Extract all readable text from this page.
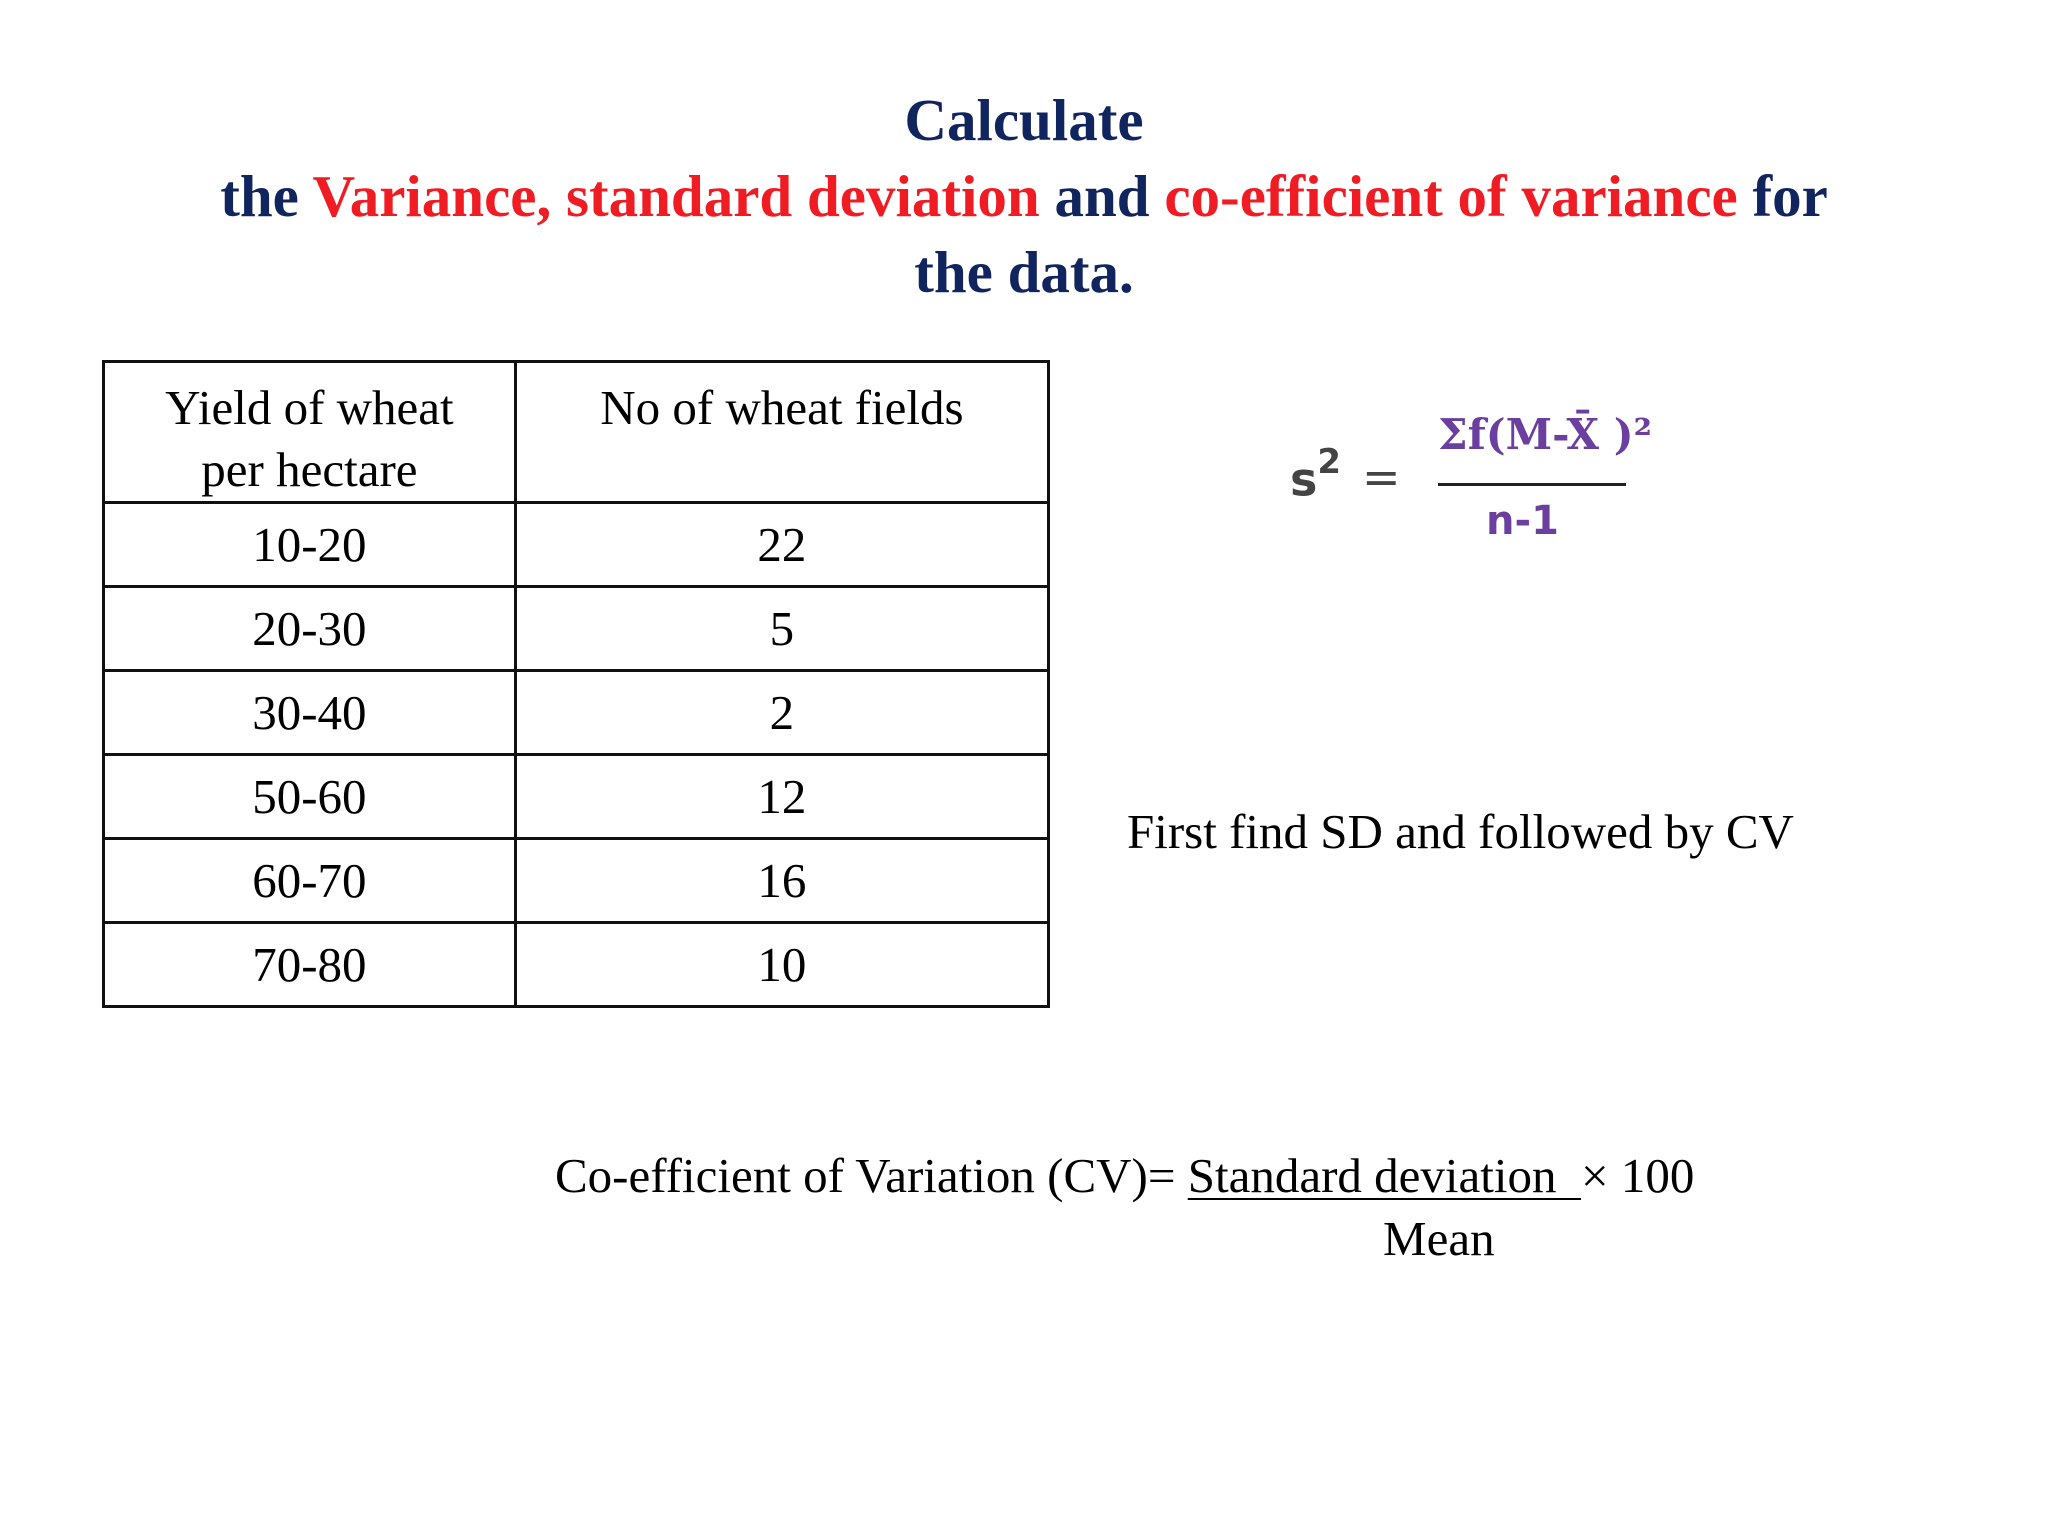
Calculate
the Variance, standard deviation and co-efficient of variance for
the data.
Yield of wheat
per hectare	No of wheat fields
10-20	22
20-30	5
30-40	2
50-60	12
60-70	16
70-80	10
$s^2$ =
Σf(M-X̄ )²
n-1
First find SD and followed by CV
Co-efficient of Variation (CV)= Standard deviation  × 100
Mean
